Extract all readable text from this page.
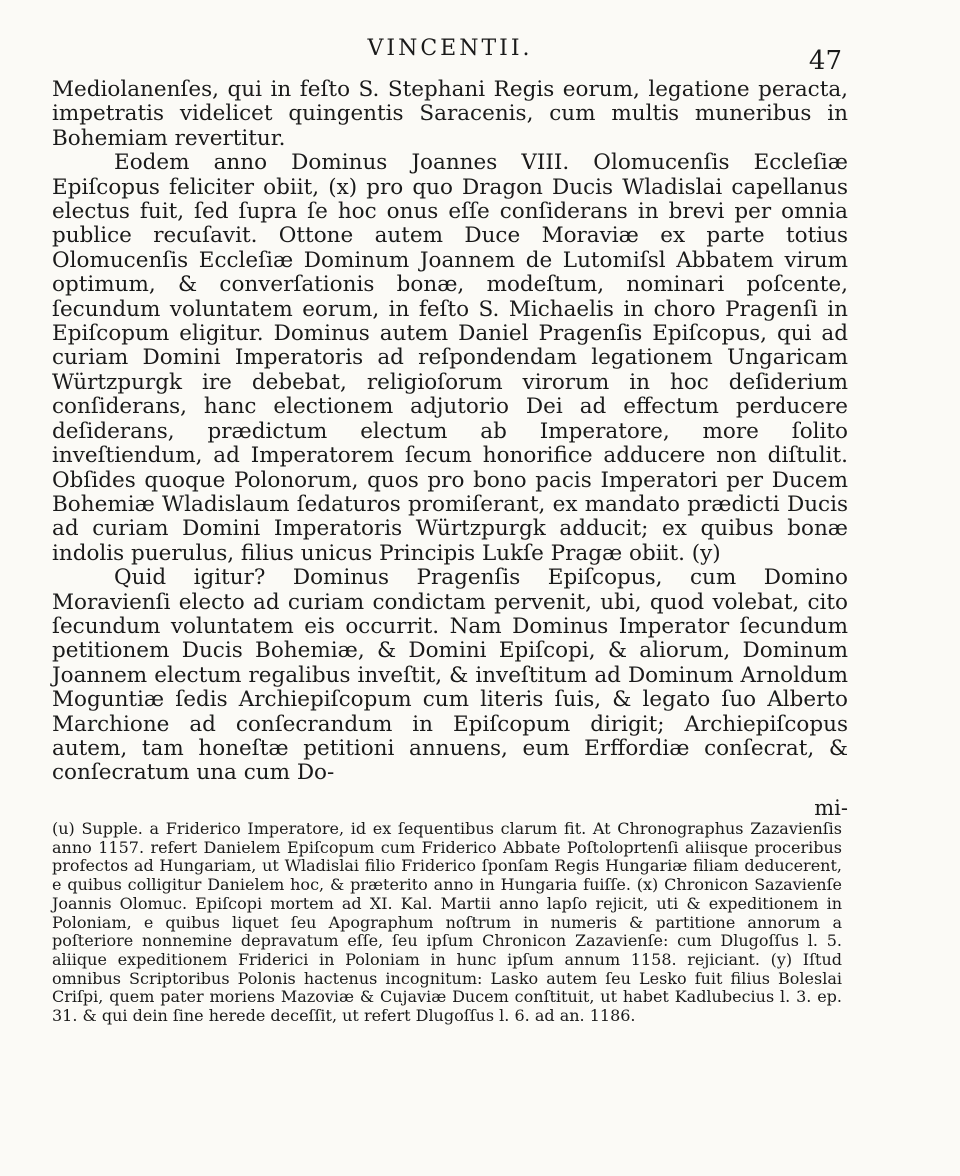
VINCENTII.	47

Mediolanenſes, qui in feſto S. Stephani Regis eorum, legatione peracta, impetratis videlicet quingentis Saracenis, cum multis muneribus in Bohemiam revertitur.

Eodem anno Dominus Joannes VIII. Olomucenſis Eccleſiæ Epiſcopus feliciter obiit, (x) pro quo Dragon Ducis Wladislai capellanus electus fuit, ſed ſupra ſe hoc onus eſſe conſiderans in brevi per omnia publice recuſavit. Ottone autem Duce Moraviæ ex parte totius Olomucenſis Eccleſiæ Dominum Joannem de Lutomiſsl Abbatem virum optimum, & converſationis bonæ, modeſtum, nominari poſcente, ſecundum voluntatem eorum, in feſto S. Michaelis in choro Pragenſi in Epiſcopum eligitur. Dominus autem Daniel Pragenſis Epiſcopus, qui ad curiam Domini Imperatoris ad reſpondendam legationem Ungaricam Würtzpurgk ire debebat, religioſorum virorum in hoc deſiderium conſiderans, hanc electionem adjutorio Dei ad effectum perducere deſiderans, prædictum electum ab Imperatore, more ſolito inveſtiendum, ad Imperatorem ſecum honorifice adducere non diſtulit. Obſides quoque Polonorum, quos pro bono pacis Imperatori per Ducem Bohemiæ Wladislaum ſedaturos promiſerant, ex mandato prædicti Ducis ad curiam Domini Imperatoris Würtzpurgk adducit; ex quibus bonæ indolis puerulus, filius unicus Principis Lukſe Pragæ obiit. (y)

Quid igitur? Dominus Pragenſis Epiſcopus, cum Domino Moravienſi electo ad curiam condictam pervenit, ubi, quod volebat, cito ſecundum voluntatem eis occurrit. Nam Dominus Imperator ſecundum petitionem Ducis Bohemiæ, & Domini Epiſcopi, & aliorum, Dominum Joannem electum regalibus inveſtit, & inveſtitum ad Dominum Arnoldum Moguntiæ ſedis Archiepiſcopum cum literis ſuis, & legato ſuo Alberto Marchione ad conſecrandum in Epiſcopum dirigit; Archiepiſcopus autem, tam honeſtæ petitioni annuens, eum Erffordiæ conſecrat, & conſecratum una cum Do-

mi-

(u) Supple. a Friderico Imperatore, id ex ſequentibus clarum fit. At Chronographus Zazavienſis anno 1157. refert Danielem Epiſcopum cum Friderico Abbate Poſtoloprtenſi aliisque proceribus profectos ad Hungariam, ut Wladislai filio Friderico ſponſam Regis Hungariæ filiam deducerent, e quibus colligitur Danielem hoc, & præterito anno in Hungaria fuiſſe. (x) Chronicon Sazavienſe Joannis Olomuc. Epiſcopi mortem ad XI. Kal. Martii anno lapſo rejicit, uti & expeditionem in Poloniam, e quibus liquet ſeu Apographum noſtrum in numeris & partitione annorum a poſteriore nonnemine depravatum eſſe, ſeu ipſum Chronicon Zazavienſe: cum Dlugoſſus l. 5. aliique expeditionem Friderici in Poloniam in hunc ipſum annum 1158. rejiciant. (y) Iſtud omnibus Scriptoribus Polonis hactenus incognitum: Lasko autem ſeu Lesko fuit filius Boleslai Criſpi, quem pater moriens Mazoviæ & Cujaviæ Ducem conſtituit, ut habet Kadlubecius l. 3. ep. 31. & qui dein ſine herede deceſſit, ut refert Dlugoſſus l. 6. ad an. 1186.
